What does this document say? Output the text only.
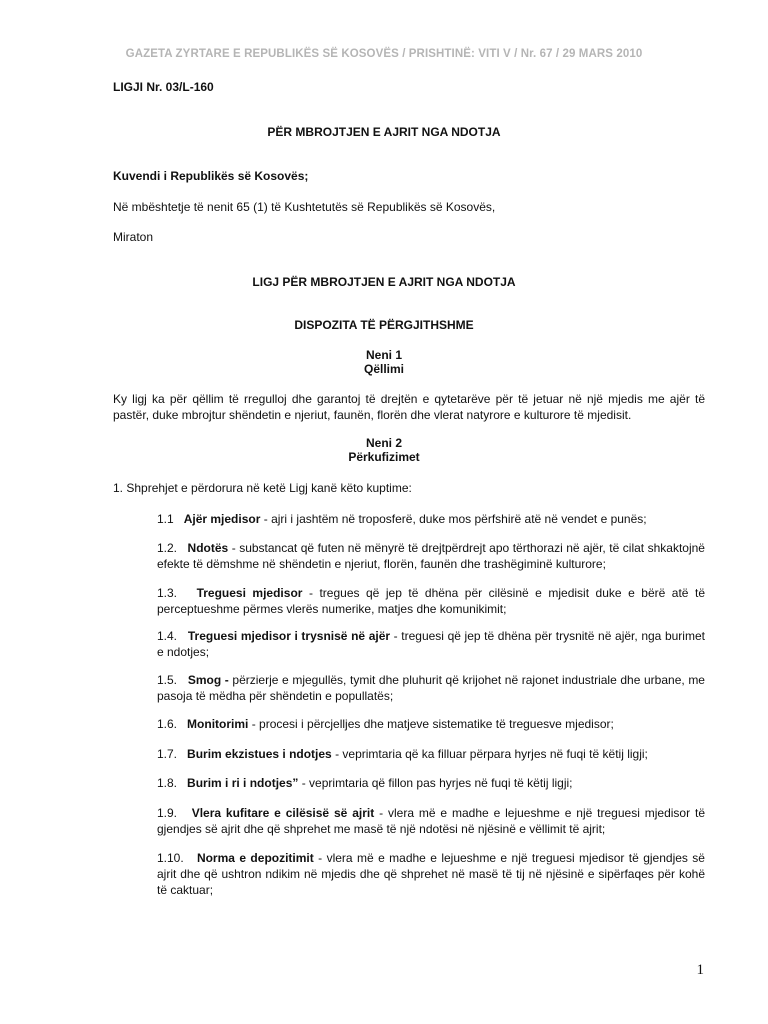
GAZETA ZYRTARE E REPUBLIKËS SË KOSOVËS / PRISHTINË: VITI V / Nr. 67 / 29 MARS 2010
LIGJI Nr. 03/L-160
PËR MBROJTJEN E AJRIT NGA NDOTJA
Kuvendi i Republikës së Kosovës;
Në mbështetje të nenit 65 (1) të Kushtetutës së Republikës së Kosovës,
Miraton
LIGJ PËR MBROJTJEN E AJRIT NGA NDOTJA
DISPOZITA TË PËRGJITHSHME
Neni 1
Qëllimi
Ky ligj ka për qëllim të rregulloj dhe garantoj të drejtën e qytetarëve për të jetuar në një mjedis me ajër të pastër, duke mbrojtur shëndetin e njeriut, faunën, florën dhe vlerat natyrore e kulturore të mjedisit.
Neni 2
Përkufizimet
1. Shprehjet e përdorura në ketë Ligj kanë këto kuptime:
1.1 Ajër mjedisor - ajri i jashtëm në troposferë, duke mos përfshirë atë në vendet e punës;
1.2. Ndotës - substancat që futen në mënyrë të drejtpërdrejt apo tërthorazi në ajër, të cilat shkaktojnë efekte të dëmshme në shëndetin e njeriut, florën, faunën dhe trashëgiminë kulturore;
1.3. Treguesi mjedisor - tregues që jep të dhëna për cilësinë e mjedisit duke e bërë atë të perceptueshme përmes vlerës numerike, matjes dhe komunikimit;
1.4. Treguesi mjedisor i trysnisë në ajër - treguesi që jep të dhëna për trysnitë në ajër, nga burimet e ndotjes;
1.5. Smog - përzierje e mjegullës, tymit dhe pluhurit që krijohet në rajonet industriale dhe urbane, me pasoja të mëdha për shëndetin e popullatës;
1.6. Monitorimi - procesi i përcjelljes dhe matjeve sistematike të treguesve mjedisor;
1.7. Burim ekzistues i ndotjes - veprimtaria që ka filluar përpara hyrjes në fuqi të këtij ligji;
1.8. Burim i ri i ndotjes” - veprimtaria që fillon pas hyrjes në fuqi të këtij ligji;
1.9. Vlera kufitare e cilësisë së ajrit - vlera më e madhe e lejueshme e një treguesi mjedisor të gjendjes së ajrit dhe që shprehet me masë të një ndotësi në njësinë e vëllimit të ajrit;
1.10. Norma e depozitimit - vlera më e madhe e lejueshme e një treguesi mjedisor të gjendjes së ajrit dhe që ushtron ndikim në mjedis dhe që shprehet në masë të tij në njësinë e sipërfaqes për kohë të caktuar;
1
